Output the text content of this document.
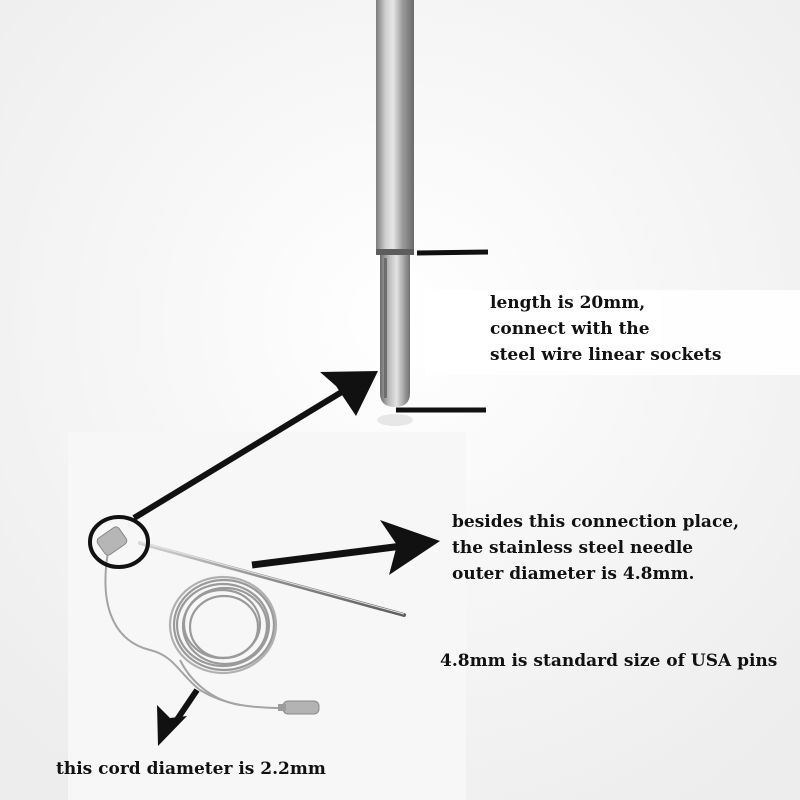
length is 20mm,
connect with the
steel wire linear sockets

besides this connection place,
the stainless steel needle
outer diameter is 4.8mm.

4.8mm is standard size of USA pins

this cord diameter is 2.2mm
